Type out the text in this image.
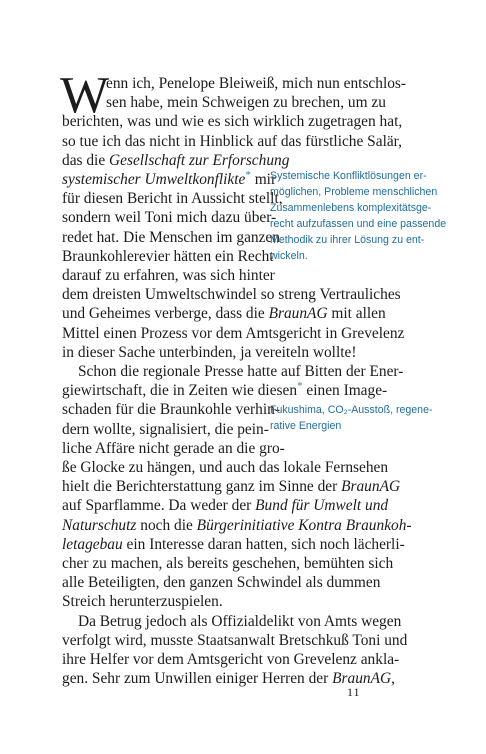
W
enn ich, Penelope Bleiweiß, mich nun entschlos-
sen habe, mein Schweigen zu brechen, um zu
berichten, was und wie es sich wirklich zugetragen hat,
so tue ich das nicht in Hinblick auf das fürstliche Salär,
das die Gesellschaft zur Erforschung
systemischer Umweltkonflikte* mir
für diesen Bericht in Aussicht stellt,
sondern weil Toni mich dazu über-
redet hat. Die Menschen im ganzen
Braunkohlerevier hätten ein Recht
darauf zu erfahren, was sich hinter
dem dreisten Umweltschwindel so streng Vertrauliches
und Geheimes verberge, dass die BraunAG mit allen
Mittel einen Prozess vor dem Amtsgericht in Grevelenz
in dieser Sache unterbinden, ja vereiteln wollte!
Schon die regionale Presse hatte auf Bitten der Ener-
giewirtschaft, die in Zeiten wie diesen* einen Image-
schaden für die Braunkohle verhin-
dern wollte, signalisiert, die pein-
liche Affäre nicht gerade an die gro-
ße Glocke zu hängen, und auch das lokale Fernsehen
hielt die Berichterstattung ganz im Sinne der BraunAG
auf Sparflamme. Da weder der Bund für Umwelt und
Naturschutz noch die Bürgerinitiative Kontra Braunkoh-
letagebau ein Interesse daran hatten, sich noch lächerli-
cher zu machen, als bereits geschehen, bemühten sich
alle Beteiligten, den ganzen Schwindel als dummen
Streich herunterzuspielen.
Systemische Konfliktlösungen er-
möglichen, Probleme menschlichen
Zusammenlebens komplexitätsge-
recht aufzufassen und eine passende
Methodik zu ihrer Lösung zu ent-
wickeln.
Fukushima, CO₂-Ausstoß, regene-
rative Energien
11
Da Betrug jedoch als Offizialdelikt von Amts wegen
verfolgt wird, musste Staatsanwalt Bretschkuß Toni und
ihre Helfer vor dem Amtsgericht von Grevelenz ankla-
gen. Sehr zum Unwillen einiger Herren der BraunAG,
